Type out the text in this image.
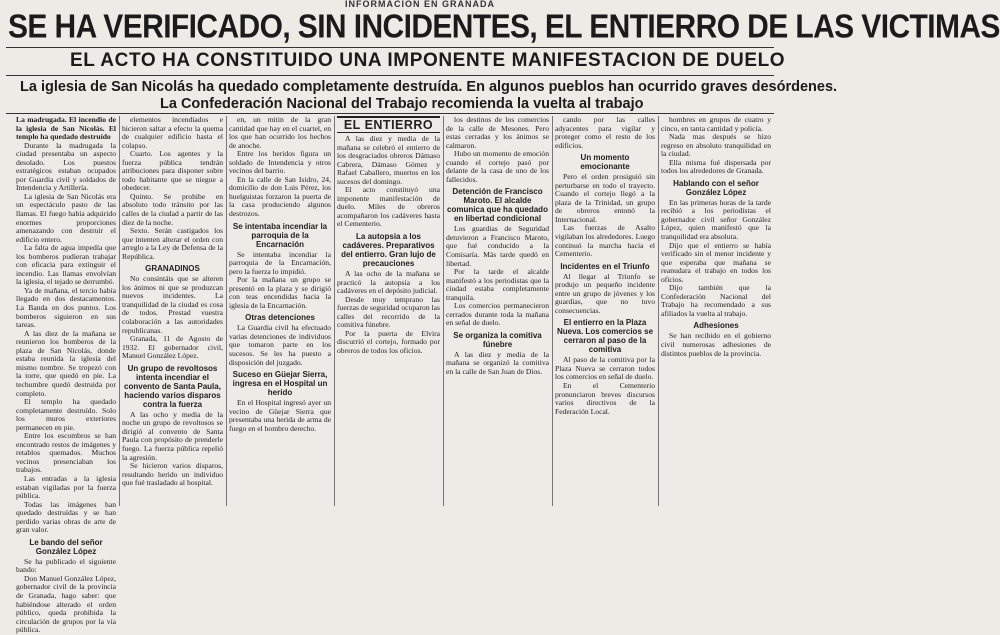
INFORMACION EN GRANADA
SE HA VERIFICADO, SIN INCIDENTES, EL ENTIERRO DE LAS VICTIMAS
EL ACTO HA CONSTITUIDO UNA IMPONENTE MANIFESTACION DE DUELO
La iglesia de San Nicolás ha quedado completamente destruída. En algunos pueblos han ocurrido graves desórdenes.
La Confederación Nacional del Trabajo recomienda la vuelta al trabajo

La madrugada. El incendio de la iglesia de San Nicolás. El templo ha quedado destruído

Durante la madrugada la ciudad presentaba un aspecto desolado. Los puestos estratégicos estaban ocupados por Guardia civil y soldados de Intendencia y Artillería.

La iglesia de San Nicolás era un espectáculo pasto de las llamas. El fuego había adquirido enormes proporciones amenazando con destruir el edificio entero.

La falta de agua impedía que los bomberos pudieran trabajar con eficacia para extinguir el incendio. Las llamas envolvían la iglesia, el tejado se derrumbó.

Ya de mañana, el tercio había llegado en dos destacamentos. La Banda en dos puntos. Los bomberos siguieron en sus tareas.

A las diez de la mañana se reunieron los bomberos de la plaza de San Nicolás, donde estaba reunida la iglesia del mismo nombre. Se tropezó con la torre, que quedó en pie. La techumbre quedó destruida por completo.

El templo ha quedado completamente destruído. Solo los muros exteriores permanecen en pie.

Entre los escombros se han encontrado restos de imágenes y retablos quemados. Muchos vecinos presenciaban los trabajos.

Las entradas a la iglesia estaban vigiladas por la fuerza pública.

Todas las imágenes han quedado destruídas y se han perdido varias obras de arte de gran valor.

Le bando del señor González López

Se ha publicado el siguiente bando:

Don Manuel González López, gobernador civil de la provincia de Granada, hago saber: que habiéndose alterado el orden público, queda prohibida la circulación de grupos por la vía pública.

elementos incendiados e hicieron saltar a efecto la quema de cualquier edificio hasta el colapso.

Cuarto. Los agentes y la fuerza pública tendrán atribuciones para disponer sobre todo habitante que se niegue a obedecer.

Quinto. Se prohibe en absoluto todo tránsito por las calles de la ciudad a partir de las diez de la noche.

Sexto. Serán castigados los que intenten alterar el orden con arreglo a la Ley de Defensa de la República.

GRANADINOS

No consintáis que se alteren los ánimos ni que se produzcan nuevos incidentes. La tranquilidad de la ciudad es cosa de todos. Prestad vuestra colaboración a las autoridades republicanas.

Granada, 11 de Agosto de 1932. El gobernador civil, Manuel González López.

Un grupo de revoltosos intenta incendiar el convento de Santa Paula, haciendo varios disparos contra la fuerza

A las ocho y media de la noche un grupo de revoltosos se dirigió al convento de Santa Paula con propósito de prenderle fuego. La fuerza pública repelió la agresión.

Se hicieron varios disparos, resultando herido un individuo que fué trasladado al hospital.

en, un mitin de la gran cantidad que hay en el cuartel, en los que han ocurrido los hechos de anoche.

Entre los heridos figura un soldado de Intendencia y otros vecinos del barrio.

En la calle de San Isidro, 24, domicilio de don Luis Pérez, los huelguistas forzaron la puerta de la casa produciendo algunos destrozos.

Se intentaba incendiar la parroquia de la Encarnación

Se intentaba incendiar la parroquia de la Encarnación, pero la fuerza lo impidió.

Por la mañana un grupo se presentó en la plaza y se dirigió con teas encendidas hacia la iglesia de la Encarnación.

Otras detenciones

La Guardia civil ha efectuado varias detenciones de individuos que tomaron parte en los sucesos. Se les ha puesto a disposición del juzgado.

Suceso en Güejar Sierra, ingresa en el Hospital un herido

En el Hospital ingresó ayer un vecino de Güejar Sierra que presentaba una herida de arma de fuego en el hombro derecho.

EL ENTIERRO

A las diez y media de la mañana se celebró el entierro de los desgraciados obreros Dámaso Cabrera, Dámaso Gómez y Rafael Caballero, muertos en los sucesos del domingo.

El acto constituyó una imponente manifestación de duelo. Miles de obreros acompañaron los cadáveres hasta el Cementerio.

La autopsia a los cadáveres. Preparativos del entierro. Gran lujo de precauciones

A las ocho de la mañana se practicó la autopsia a los cadáveres en el depósito judicial.

Desde muy temprano las fuerzas de seguridad ocuparon las calles del recorrido de la comitiva fúnebre.

Por la puerta de Elvira discurrió el cortejo, formado por obreros de todos los oficios.

los destinos de los comercios de la calle de Mesones. Pero estas cerradas y los ánimos se calmaron.

Hubo un momento de emoción cuando el cortejo pasó por delante de la casa de uno de los fallecidos.

Detención de Francisco Maroto. El alcalde comunica que ha quedado en libertad condicional

Los guardias de Seguridad detuvieron a Francisco Maroto, que fué conducido a la Comisaría. Más tarde quedó en libertad.

Por la tarde el alcalde manifestó a los periodistas que la ciudad estaba completamente tranquila.

Los comercios permanecieron cerrados durante toda la mañana en señal de duelo.

Se organiza la comitiva fúnebre

A las diez y media de la mañana se organizó la comitiva en la calle de San Juan de Dios.

cando por las calles adyacentes para vigilar y proteger como el resto de los edificios.

Un momento emocionante

Pero el orden prosiguió sin perturbarse en todo el trayecto. Cuando el cortejo llegó a la plaza de la Trinidad, un grupo de obreros entonó la Internacional.

Las fuerzas de Asalto vigilaban los alrededores. Luego continuó la marcha hacia el Cementerio.

Incidentes en el Triunfo

Al llegar al Triunfo se produjo un pequeño incidente entre un grupo de jóvenes y los guardias, que no tuvo consecuencias.

El entierro en la Plaza Nueva. Los comercios se cerraron al paso de la comitiva

Al paso de la comitiva por la Plaza Nueva se cerraron todos los comercios en señal de duelo.

En el Cementerio pronunciaron breves discursos varios directivos de la Federación Local.

hombres en grupos de cuatro y cinco, en tanta cantidad y policía.

Nada mas después se hizo regreso en absoluto tranquilidad en la ciudad.

Ella misma fué dispersada por todos los alrededores de Granada.

Hablando con el señor González López

En las primeras horas de la tarde recibió a los periodistas el gobernador civil señor González López, quien manifestó que la tranquilidad era absoluta.

Dijo que el entierro se había verificado sin el menor incidente y que esperaba que mañana se reanudara el trabajo en todos los oficios.

Dijo también que la Confederación Nacional del Trabajo ha recomendado a sus afiliados la vuelta al trabajo.

Adhesiones

Se han recibido en el gobierno civil numerosas adhesiones de distintos pueblos de la provincia.
